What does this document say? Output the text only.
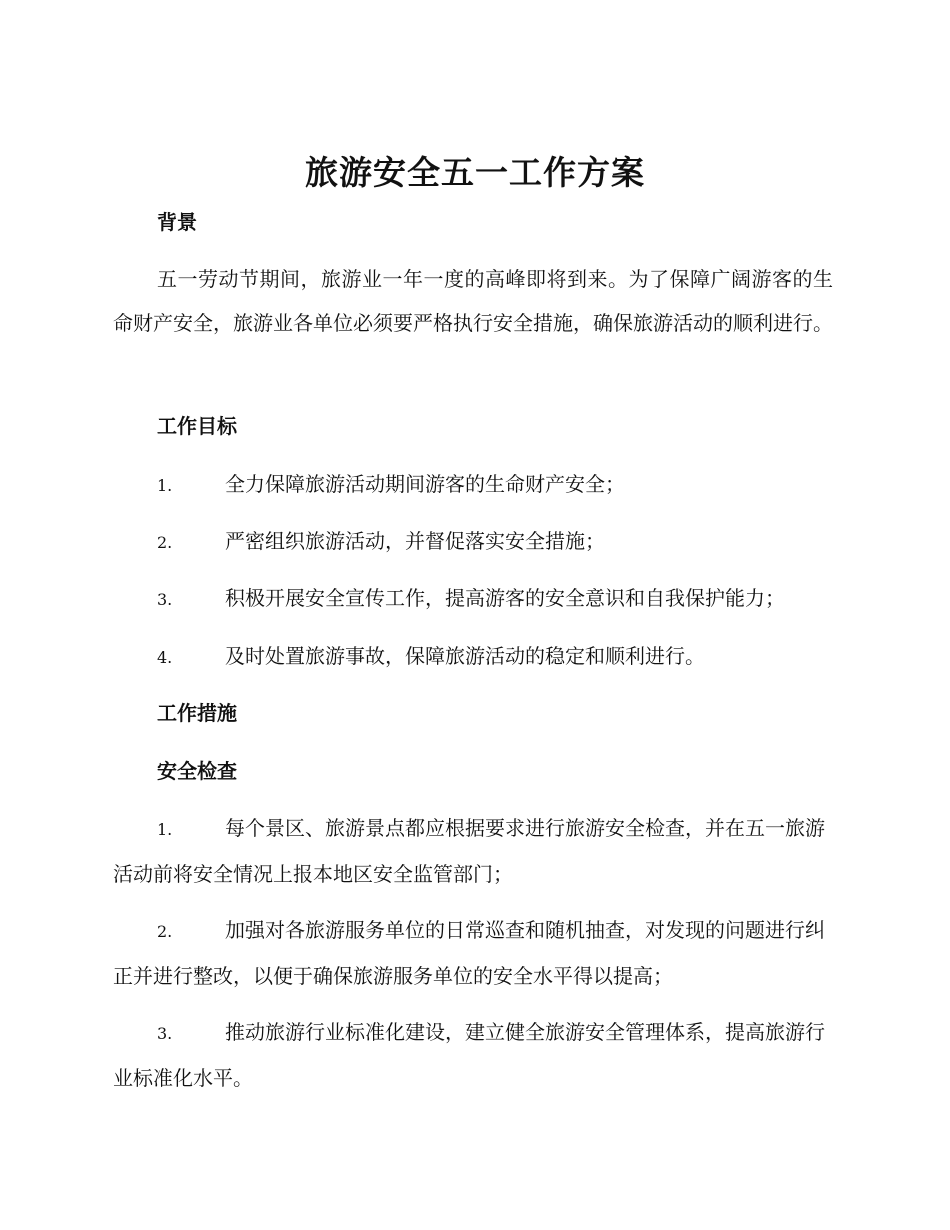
旅游安全五一工作方案
背景

五一劳动节期间，旅游业一年一度的高峰即将到来。为了保障广阔游客的生命财产安全，旅游业各单位必须要严格执行安全措施，确保旅游活动的顺利进行。

工作目标

1.	全力保障旅游活动期间游客的生命财产安全；

2.	严密组织旅游活动，并督促落实安全措施；

3.	积极开展安全宣传工作，提高游客的安全意识和自我保护能力；

4.	及时处置旅游事故，保障旅游活动的稳定和顺利进行。

工作措施
安全检查

1.	每个景区、旅游景点都应根据要求进行旅游安全检查，并在五一旅游活动前将安全情况上报本地区安全监管部门；

2.	加强对各旅游服务单位的日常巡查和随机抽查，对发现的问题进行纠正并进行整改，以便于确保旅游服务单位的安全水平得以提高；

3.	推动旅游行业标准化建设，建立健全旅游安全管理体系，提高旅游行业标准化水平。
